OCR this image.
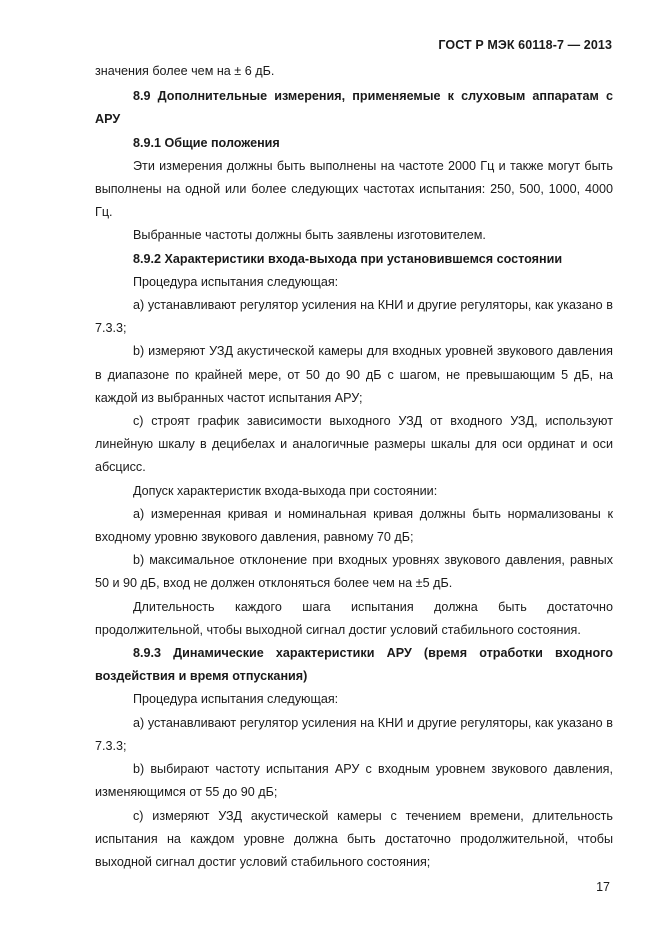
ГОСТ Р МЭК 60118-7 — 2013

значения более чем на ± 6 дБ.

8.9 Дополнительные измерения, применяемые к слуховым аппаратам с АРУ

8.9.1 Общие положения

Эти измерения должны быть выполнены на частоте 2000 Гц и также могут быть выполнены на одной или более следующих частотах испытания: 250, 500, 1000, 4000 Гц.

Выбранные частоты должны быть заявлены изготовителем.

8.9.2 Характеристики входа-выхода при установившемся состоянии

Процедура испытания следующая:

a) устанавливают регулятор усиления на КНИ и другие регуляторы, как указано в 7.3.3;

b) измеряют УЗД акустической камеры для входных уровней звукового давления в диапазоне по крайней мере, от 50 до 90 дБ с шагом, не превышающим 5 дБ, на каждой из выбранных частот испытания АРУ;

c) строят график зависимости выходного УЗД от входного УЗД, используют линейную шкалу в децибелах и аналогичные размеры шкалы для оси ординат и оси абсцисс.

Допуск характеристик входа-выхода при состоянии:

a) измеренная кривая и номинальная кривая должны быть нормализованы к входному уровню звукового давления, равному 70 дБ;

b) максимальное отклонение при входных уровнях звукового давления, равных 50 и 90 дБ, вход не должен отклоняться более чем на ±5 дБ.

Длительность каждого шага испытания должна быть достаточно продолжительной, чтобы выходной сигнал достиг условий стабильного состояния.

8.9.3 Динамические характеристики АРУ (время отработки входного воздействия и время отпускания)

Процедура испытания следующая:

a) устанавливают регулятор усиления на КНИ и другие регуляторы, как указано в 7.3.3;

b) выбирают частоту испытания АРУ с входным уровнем звукового давления, изменяющимся от 55 до 90 дБ;

c) измеряют УЗД акустической камеры с течением времени, длительность испытания на каждом уровне должна быть достаточно продолжительной, чтобы выходной сигнал достиг условий стабильного состояния;

17
